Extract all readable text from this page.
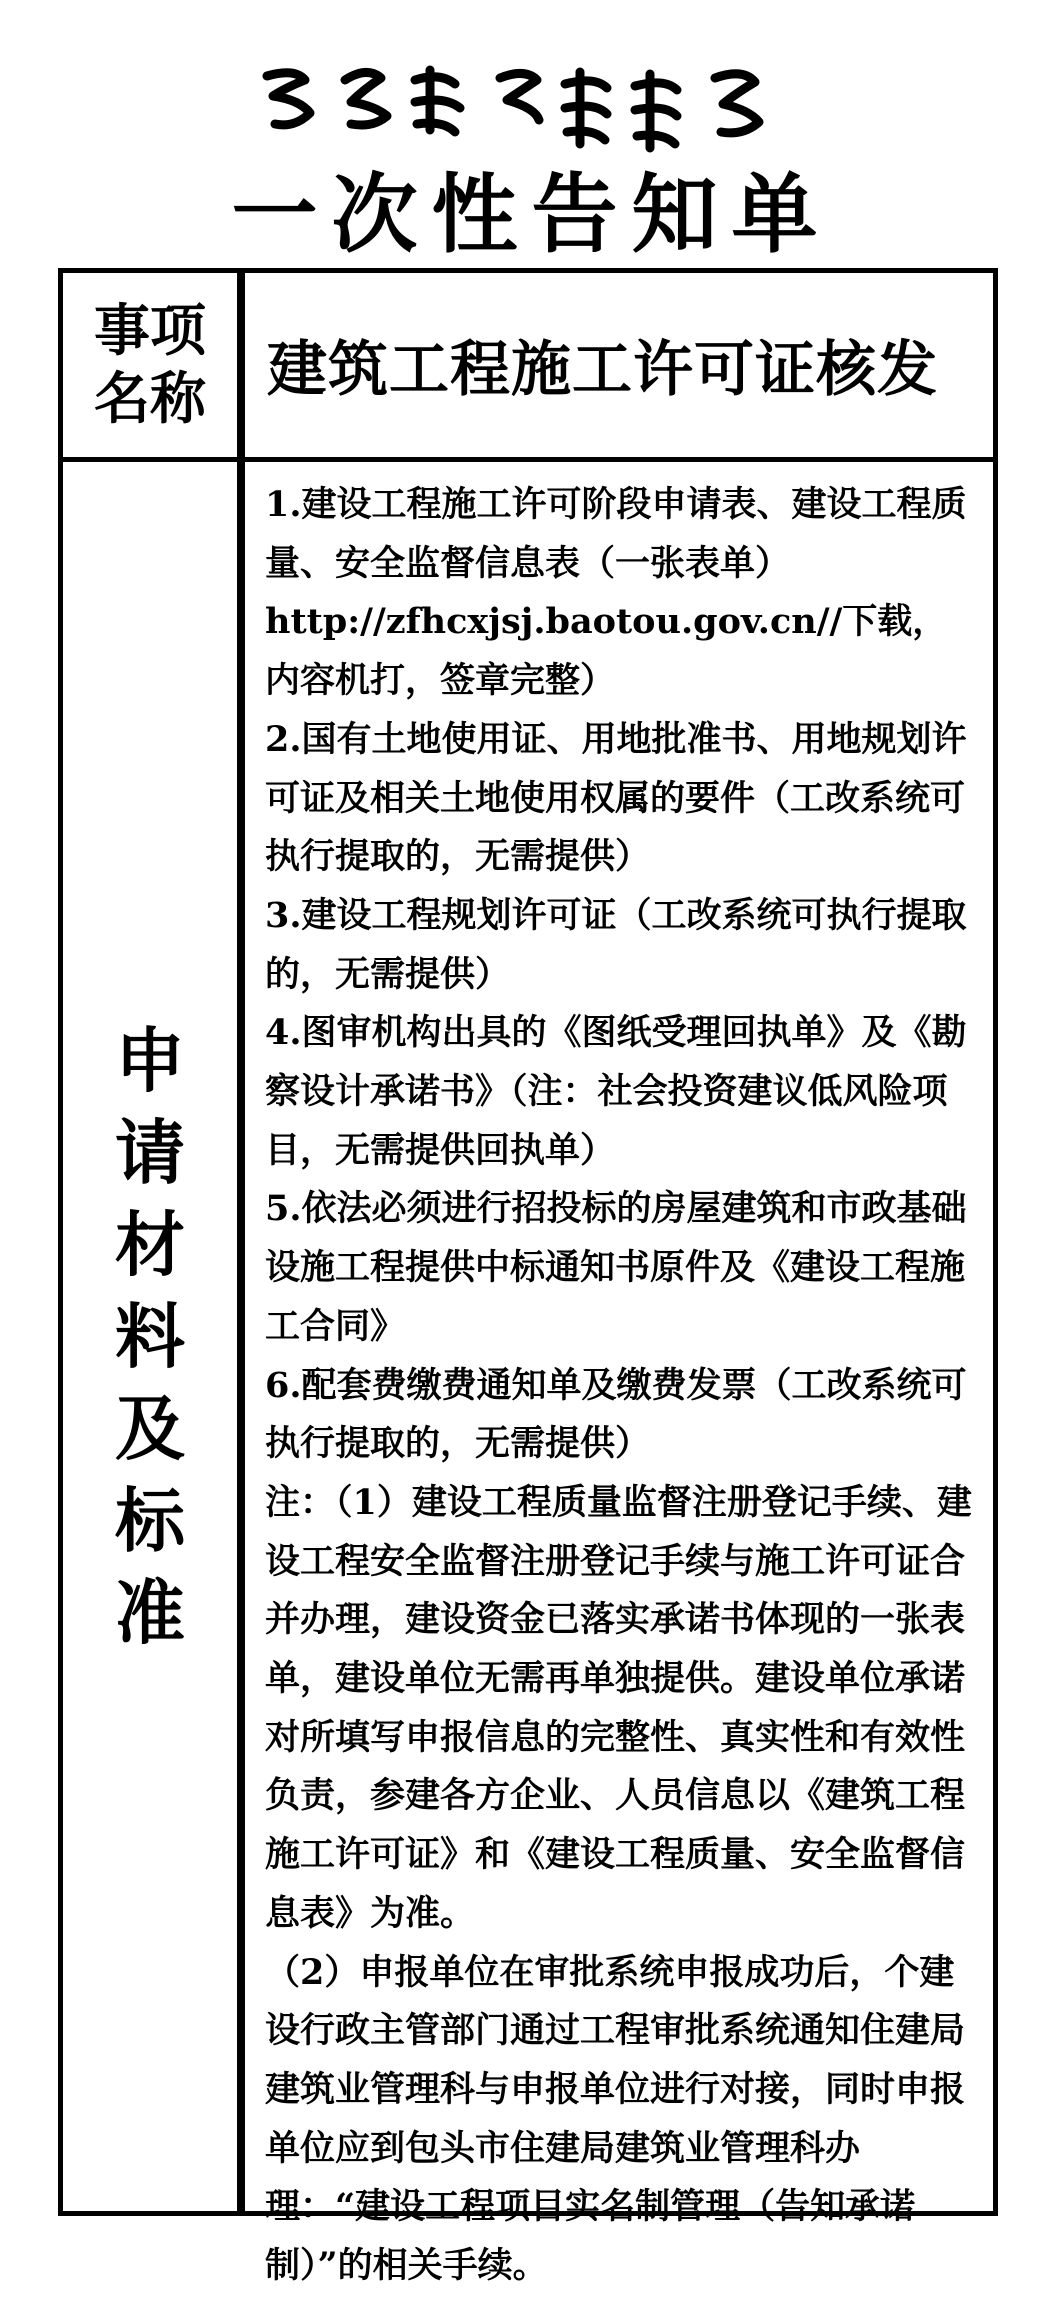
一次性告知单
事项
名称	建筑工程施工许可证核发
申请材料及标准

1.建设工程施工许可阶段申请表、建设工程质量、安全监督信息表（一张表单）

http://zfhcxjsj.baotou.gov.cn//下载，内容机打，签章完整）

2.国有土地使用证、用地批准书、用地规划许可证及相关土地使用权属的要件（工改系统可执行提取的，无需提供）

3.建设工程规划许可证（工改系统可执行提取的，无需提供）

4.图审机构出具的《图纸受理回执单》及《勘察设计承诺书》（注：社会投资建议低风险项目，无需提供回执单）

5.依法必须进行招投标的房屋建筑和市政基础设施工程提供中标通知书原件及《建设工程施工合同》

6.配套费缴费通知单及缴费发票（工改系统可执行提取的，无需提供）

注：（1）建设工程质量监督注册登记手续、建设工程安全监督注册登记手续与施工许可证合并办理，建设资金已落实承诺书体现的一张表单，建设单位无需再单独提供。建设单位承诺对所填写申报信息的完整性、真实性和有效性负责，参建各方企业、人员信息以《建筑工程施工许可证》和《建设工程质量、安全监督信息表》为准。

（2）申报单位在审批系统申报成功后，个建设行政主管部门通过工程审批系统通知住建局建筑业管理科与申报单位进行对接，同时申报单位应到包头市住建局建筑业管理科办理：“建设工程项目实名制管理（告知承诺制）”的相关手续。
